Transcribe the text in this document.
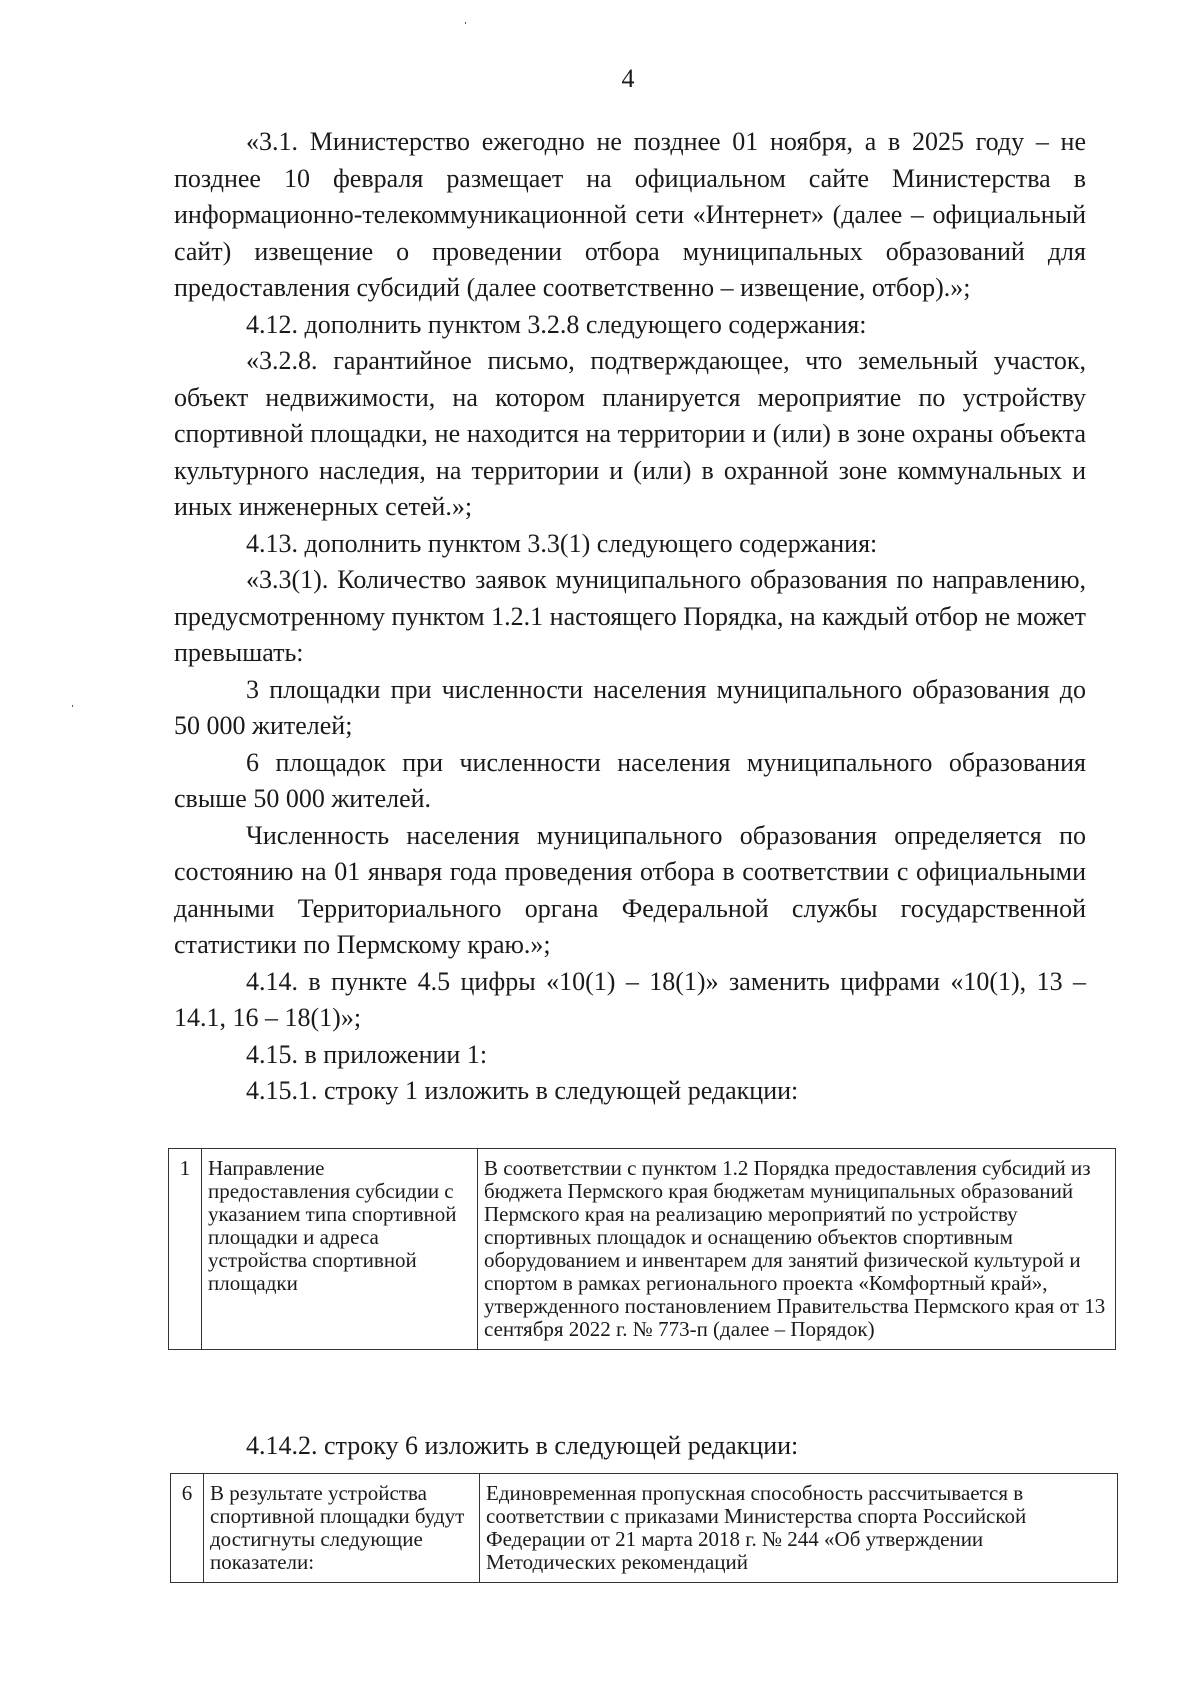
4

«3.1. Министерство ежегодно не позднее 01 ноября, а в 2025 году – не позднее 10 февраля размещает на официальном сайте Министерства в информационно-телекоммуникационной сети «Интернет» (далее – официальный сайт) извещение о проведении отбора муниципальных образований для предоставления субсидий (далее соответственно – извещение, отбор).»;

4.12. дополнить пунктом 3.2.8 следующего содержания:

«3.2.8. гарантийное письмо, подтверждающее, что земельный участок, объект недвижимости, на котором планируется мероприятие по устройству спортивной площадки, не находится на территории и (или) в зоне охраны объекта культурного наследия, на территории и (или) в охранной зоне коммунальных и иных инженерных сетей.»;

4.13. дополнить пунктом 3.3(1) следующего содержания:

«3.3(1). Количество заявок муниципального образования по направлению, предусмотренному пунктом 1.2.1 настоящего Порядка, на каждый отбор не может превышать:

3 площадки при численности населения муниципального образования до 50 000 жителей;

6 площадок при численности населения муниципального образования свыше 50 000 жителей.

Численность населения муниципального образования определяется по состоянию на 01 января года проведения отбора в соответствии с официальными данными Территориального органа Федеральной службы государственной статистики по Пермскому краю.»;

4.14. в пункте 4.5 цифры «10(1) – 18(1)» заменить цифрами «10(1), 13 – 14.1, 16 – 18(1)»;

4.15. в приложении 1:

4.15.1. строку 1 изложить в следующей редакции:

1	Направление предоставления субсидии с указанием типа спортивной площадки и адреса устройства спортивной площадки	В соответствии с пунктом 1.2 Порядка предоставления субсидий из бюджета Пермского края бюджетам муниципальных образований Пермского края на реализацию мероприятий по устройству спортивных площадок и оснащению объектов спортивным оборудованием и инвентарем для занятий физической культурой и спортом в рамках регионального проекта «Комфортный край», утвержденного постановлением Правительства Пермского края от 13 сентября 2022 г. № 773-п (далее – Порядок)
4.14.2. строку 6 изложить в следующей редакции:
6	В результате устройства спортивной площадки будут достигнуты следующие показатели:	Единовременная пропускная способность рассчитывается в соответствии с приказами Министерства спорта Российской Федерации от 21 марта 2018 г. № 244 «Об утверждении Методических рекомендаций
